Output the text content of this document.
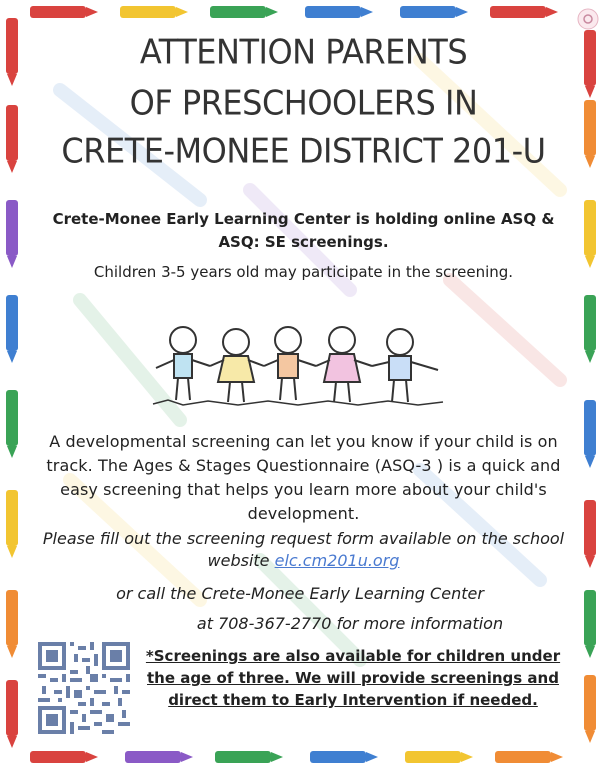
ATTENTION PARENTS
OF PRESCHOOLERS IN
CRETE-MONEE DISTRICT 201-U
Crete-Monee Early Learning Center is holding online ASQ & ASQ: SE screenings.
Children 3-5 years old may participate in the screening.
A developmental screening can let you know if your child is on track. The Ages & Stages Questionnaire (ASQ-3 ) is a quick and easy screening that helps you learn more about your child's development.
Please fill out the screening request form available on the school website elc.cm201u.org
or call the Crete-Monee Early Learning Center
at 708-367-2770 for more information
*Screenings are also available for children under the age of three. We will provide screenings and direct them to Early Intervention if needed.
